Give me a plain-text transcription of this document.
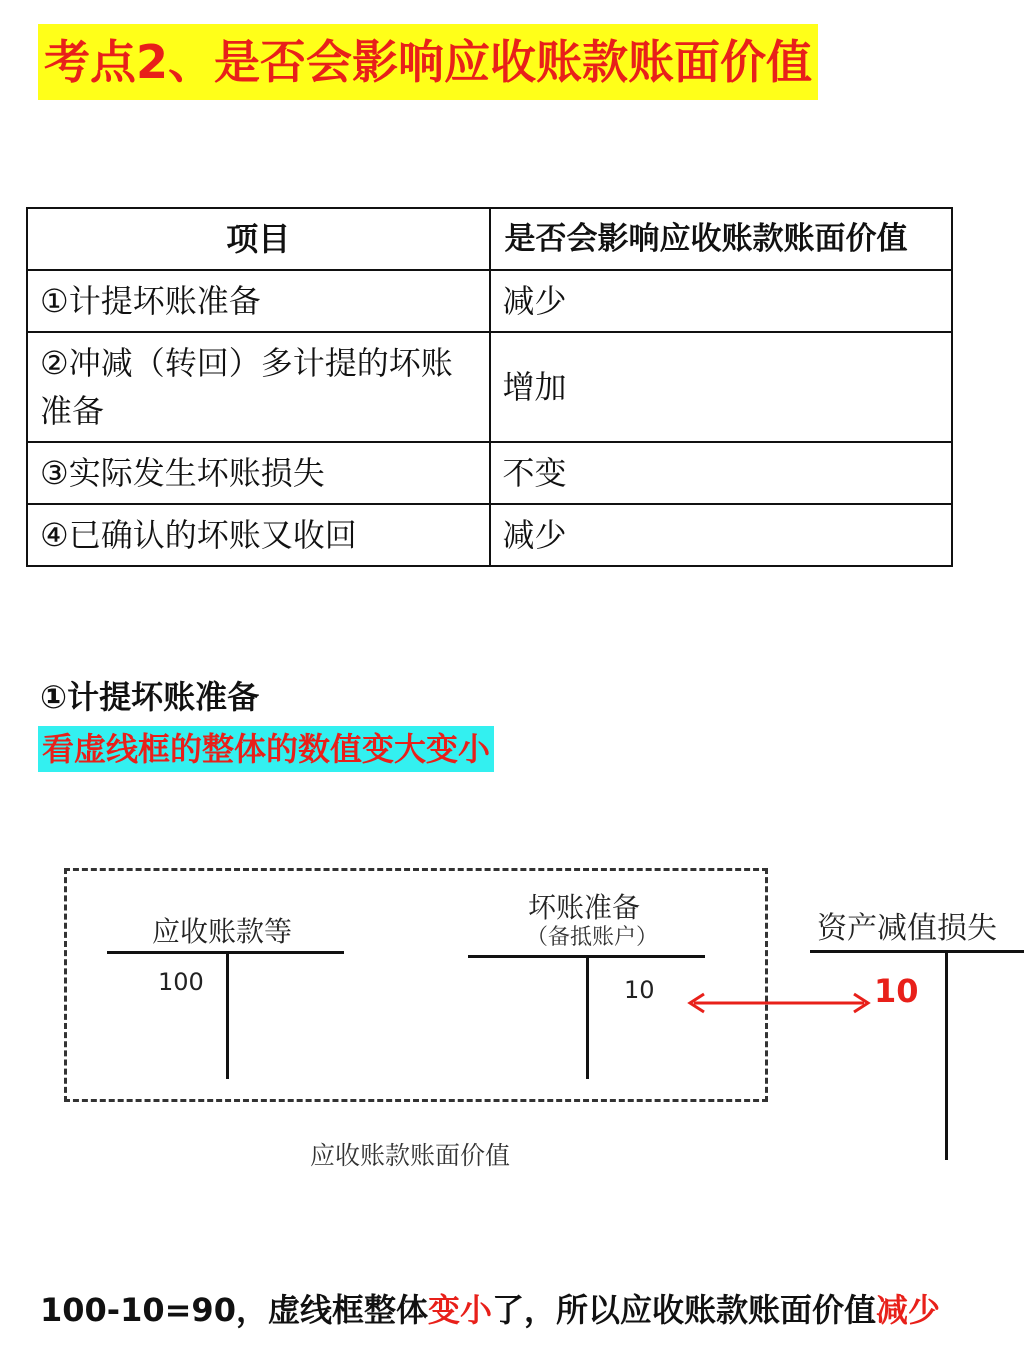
考点2、是否会影响应收账款账面价值
项目	是否会影响应收账款账面价值
①计提坏账准备	减少
②冲减（转回）多计提的坏账准备	增加
③实际发生坏账损失	不变
④已确认的坏账又收回	减少
①计提坏账准备
看虚线框的整体的数值变大变小
应收账款等
100
坏账准备
（备抵账户）
10	10
资产减值损失
应收账款账面价值
100-10=90，虚线框整体变小了，所以应收账款账面价值减少
